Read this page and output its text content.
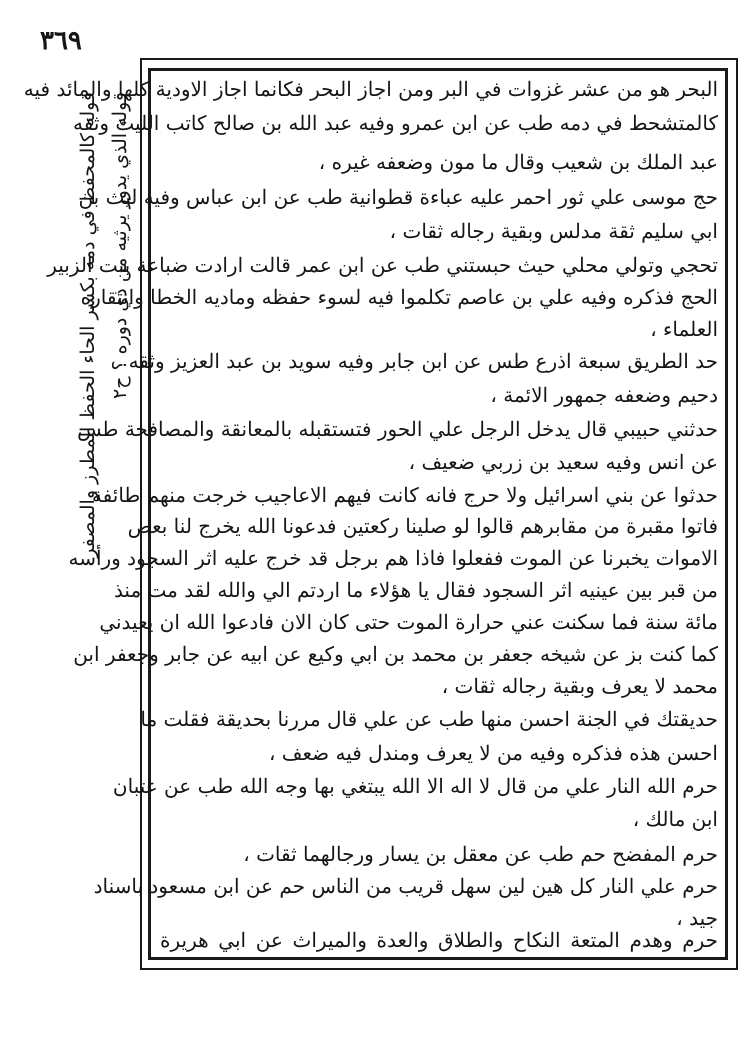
٣٦٩
قوله كالمحفظ في دمه بكسر الحاء الحفظ المطرز والمصفر قوله الذي يدور يرثيه من ذي دوره ؟ ح٢
البحر هو من عشر غزوات في البر ومن اجاز البحر فكانما اجاز الاودية كلها والمائد فيه
كالمتشحط في دمه طب عن ابن عمرو وفيه عبد الله بن صالح كاتب الليث وثقه
عبد الملك بن شعيب وقال ما مون وضعفه غيره ،
حج موسى علي ثور احمر عليه عباءة قطوانية طب عن ابن عباس وفيه ليث بن
ابي سليم ثقة مدلس وبقية رجاله ثقات ،
تحجي وتولي محلي حيث حبستني طب عن ابن عمر قالت ارادت ضباعة بنت الزبير
الحج فذكره وفيه علي بن عاصم تكلموا فيه لسوء حفظه وماديه الخطا وانتقاره
العلماء ،
حد الطريق سبعة اذرع طس عن ابن جابر وفيه سويد بن عبد العزيز وثقه
دحيم وضعفه جمهور الائمة ،
حدثني حبيبي قال يدخل الرجل علي الحور فتستقبله بالمعانقة والمصافحة طس
عن انس وفيه سعيد بن زربي ضعيف ،
حدثوا عن بني اسرائيل ولا حرج فانه كانت فيهم الاعاجيب خرجت منهم طائفة
فاتوا مقبرة من مقابرهم قالوا لو صلينا ركعتين فدعونا الله يخرج لنا بعض
الاموات يخبرنا عن الموت ففعلوا فاذا هم برجل قد خرج عليه اثر السجود ورأسه
من قبر بين عينيه اثر السجود فقال يا هؤلاء ما اردتم الي والله لقد مت منذ
مائة سنة فما سكنت عني حرارة الموت حتى كان الان فادعوا الله ان يعيدني
كما كنت بز عن شيخه جعفر بن محمد بن ابي وكيع عن ابيه عن جابر وجعفر ابن
محمد لا يعرف وبقية رجاله ثقات ،
حديقتك في الجنة احسن منها طب عن علي قال مررنا بحديقة فقلت ما
احسن هذه فذكره وفيه من لا يعرف ومندل فيه ضعف ،
حرم الله النار علي من قال لا اله الا الله يبتغي بها وجه الله طب عن عتبان
ابن مالك ،
حرم المفضح حم طب عن معقل بن يسار ورجالهما ثقات ،
حرم علي النار كل هين لين سهل قريب من الناس حم عن ابن مسعود باسناد
جيد ،
حرم وهدم المتعة النكاح والطلاق والعدة والميراث عن ابي هريرة
